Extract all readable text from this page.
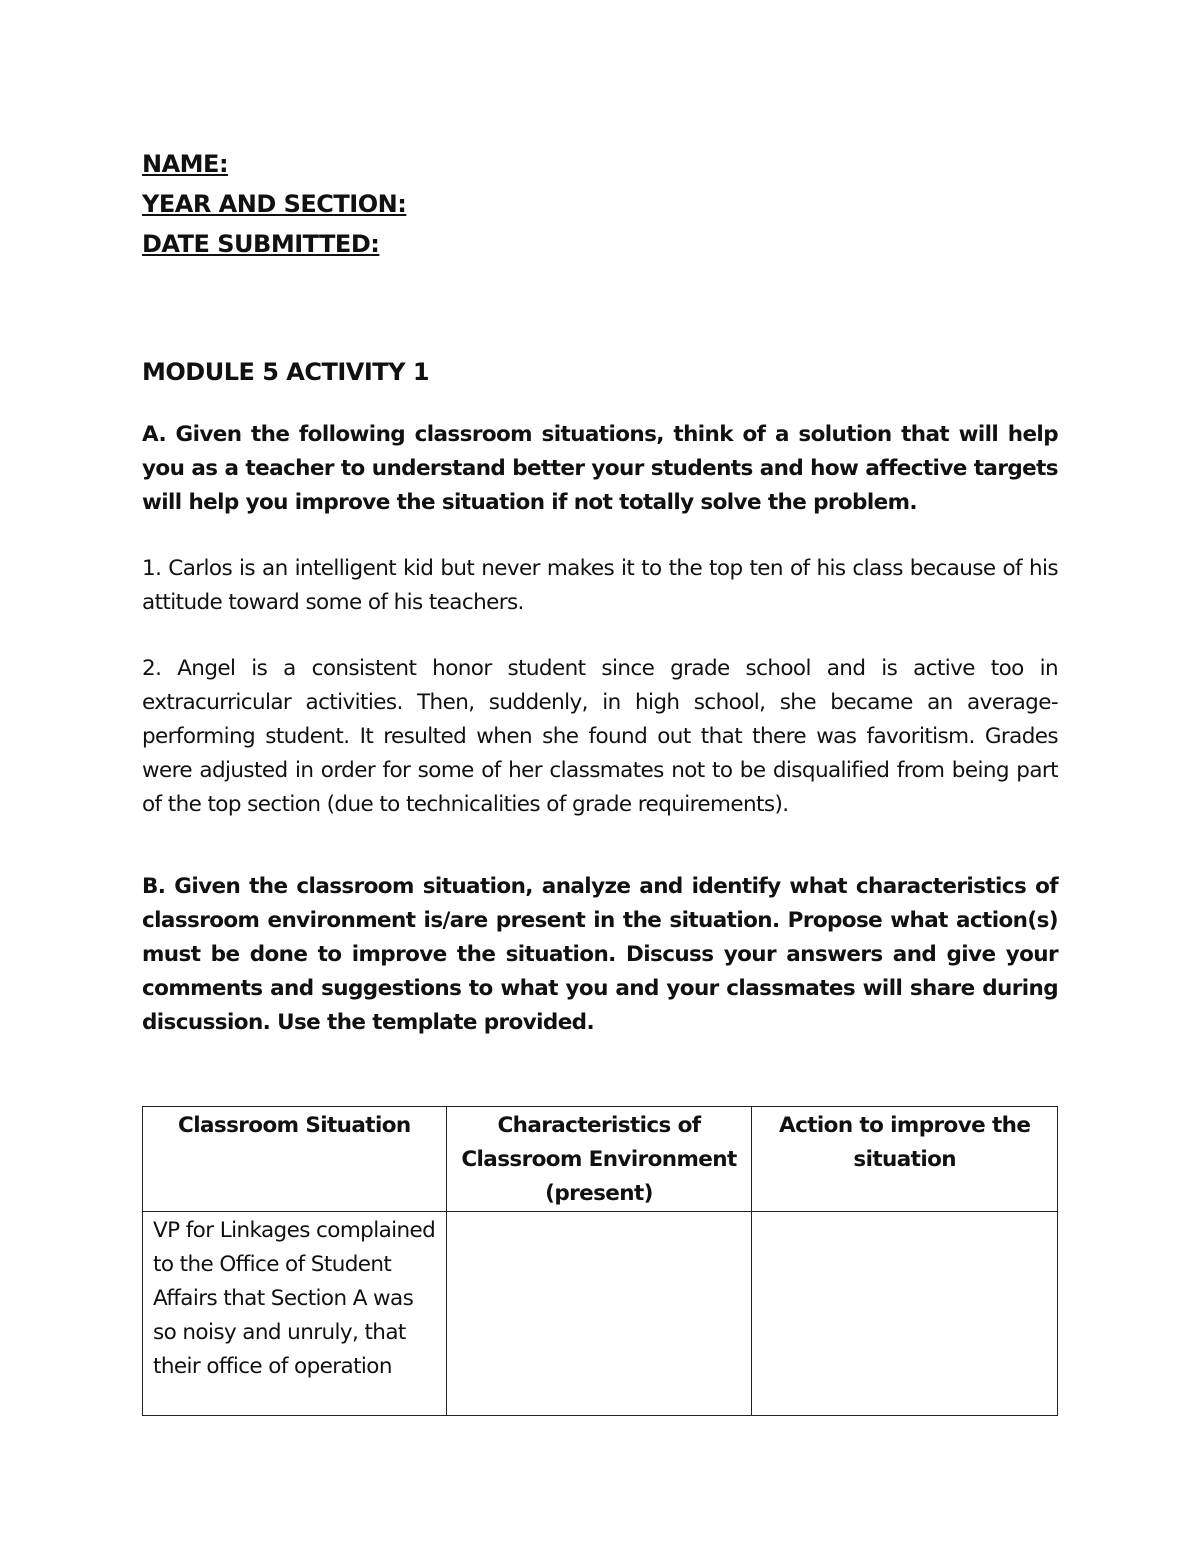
NAME:
YEAR AND SECTION:
DATE SUBMITTED:
MODULE 5 ACTIVITY 1

A. Given the following classroom situations, think of a solution that will help you as a teacher to understand better your students and how affective targets will help you improve the situation if not totally solve the problem.

1. Carlos is an intelligent kid but never makes it to the top ten of his class because of his attitude toward some of his teachers.

2. Angel is a consistent honor student since grade school and is active too in extracurricular activities. Then, suddenly, in high school, she became an average-performing student. It resulted when she found out that there was favoritism. Grades were adjusted in order for some of her classmates not to be disqualified from being part of the top section (due to technicalities of grade requirements).

B. Given the classroom situation, analyze and identify what characteristics of classroom environment is/are present in the situation. Propose what action(s) must be done to improve the situation. Discuss your answers and give your comments and suggestions to what you and your classmates will share during discussion. Use the template provided.

Classroom Situation	Characteristics of Classroom Environment (present)	Action to improve the situation

VP for Linkages complained to the Office of Student Affairs that Section A was so noisy and unruly, that their office of operation		
